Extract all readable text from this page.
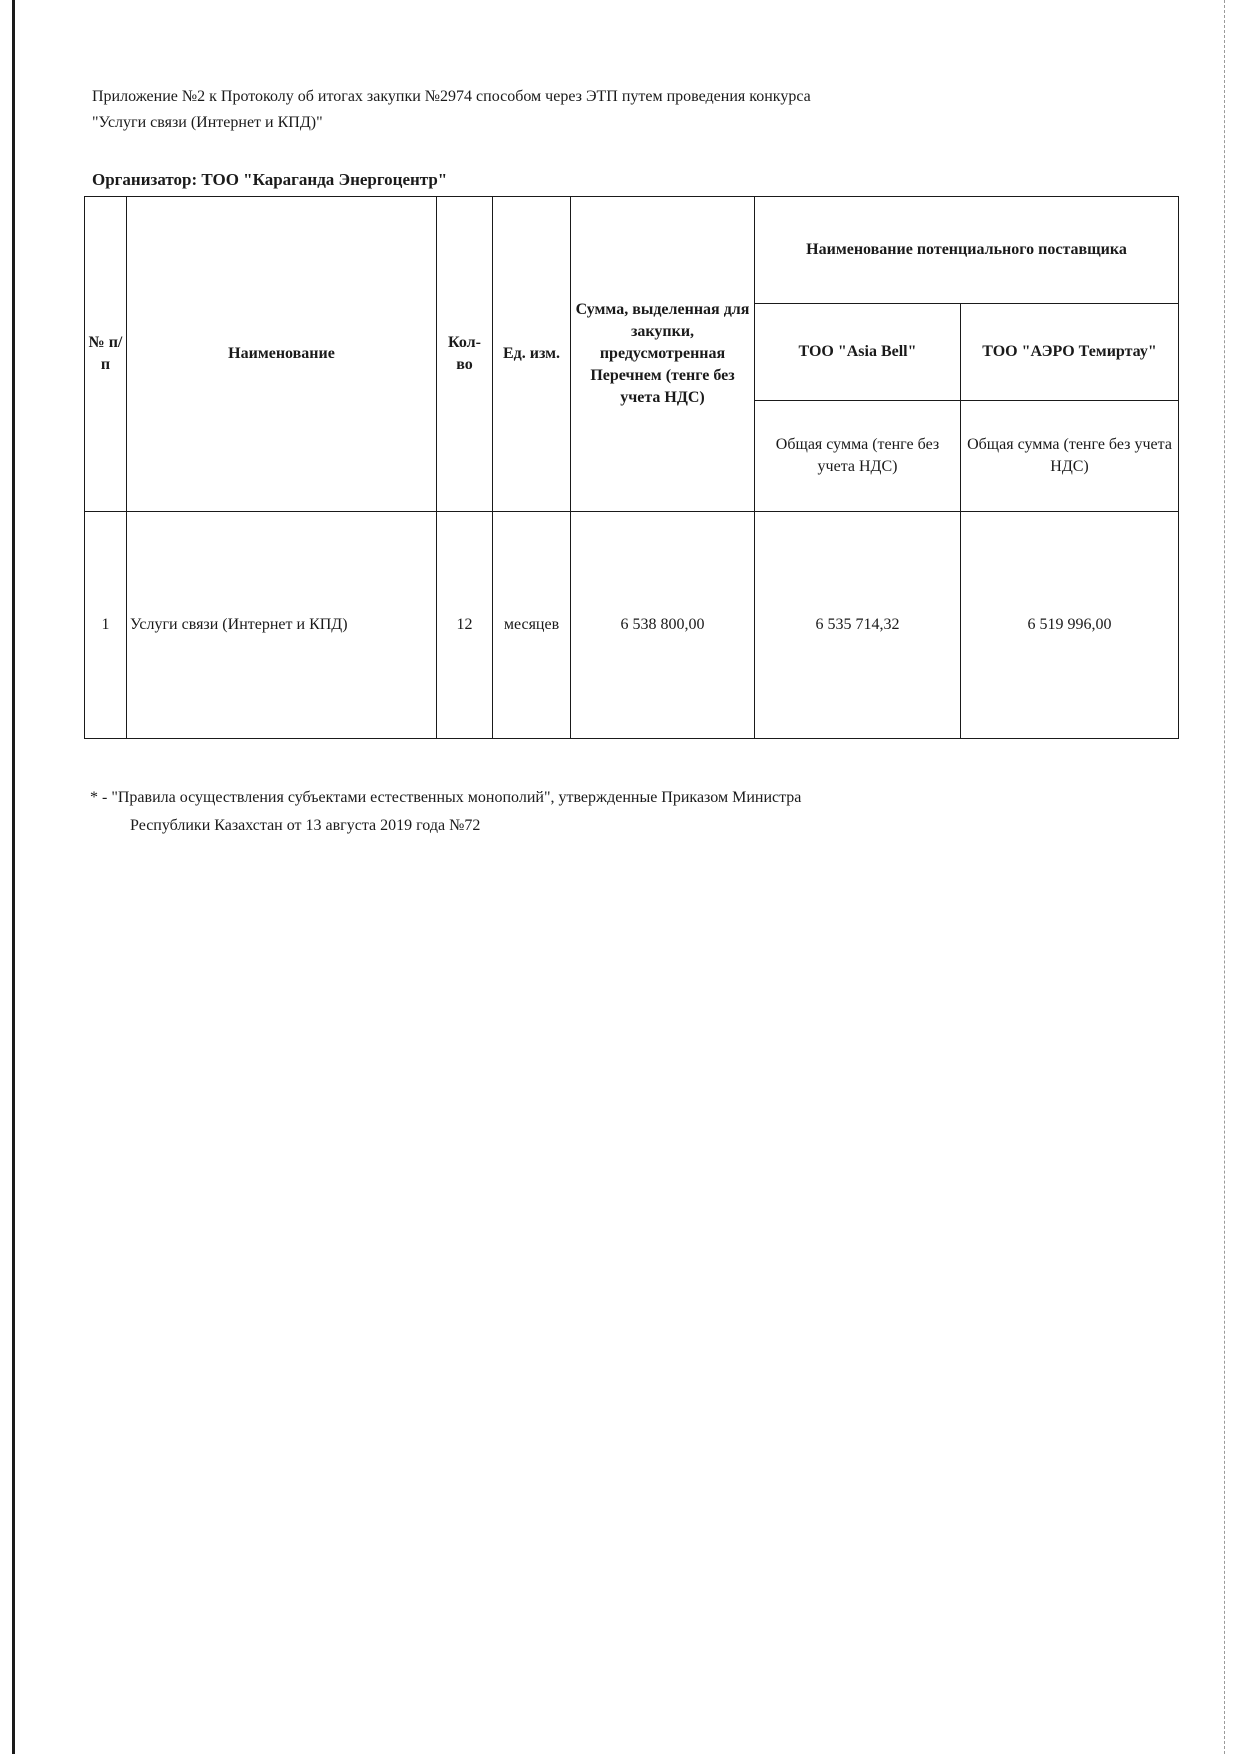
Приложение №2 к Протоколу об итогах закупки №2974 способом через ЭТП путем проведения конкурса
"Услуги связи (Интернет и КПД)"
Организатор: ТОО "Караганда Энергоцентр"
№ п/п	Наименование	Кол-во	Ед. изм.	Сумма, выделенная для закупки, предусмотренная Перечнем (тенге без учета НДС)	Наименование потенциального поставщика	
					ТОО "Asia Bell"	ТОО "АЭРО Темиртау"
					Общая сумма (тенге без учета НДС)	Общая сумма (тенге без учета НДС)
1	Услуги связи (Интернет и КПД)	12	месяцев	6 538 800,00	6 535 714,32	6 519 996,00
* - "Правила осуществления субъектами естественных монополий", утвержденные Приказом Министра
Республики Казахстан от 13 августа 2019 года №72
